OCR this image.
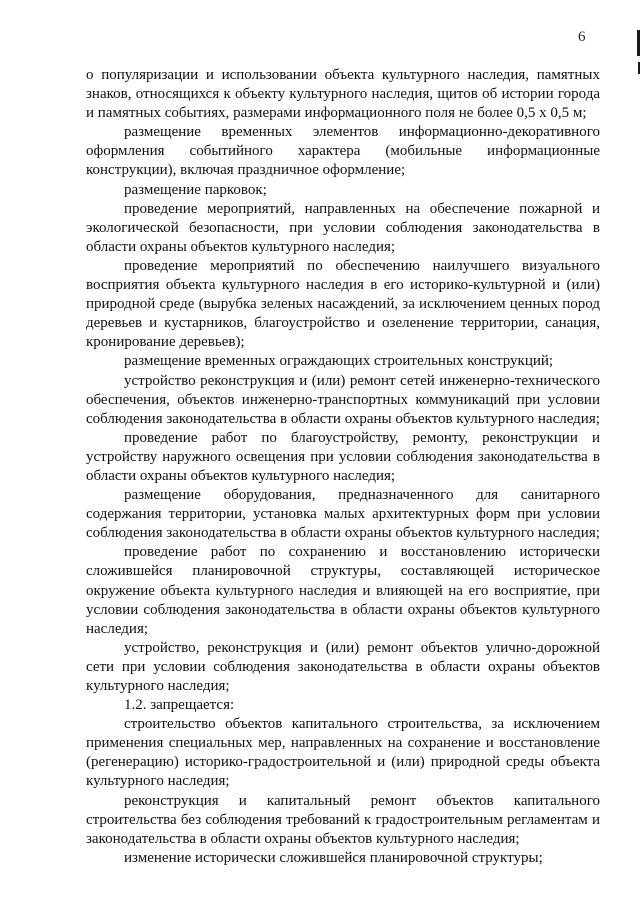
6

о популяризации и использовании объекта культурного наследия, памятных знаков, относящихся к объекту культурного наследия, щитов об истории города и памятных событиях, размерами информационного поля не более 0,5 х 0,5 м;

размещение временных элементов информационно-декоративного оформления событийного характера (мобильные информационные конструкции), включая праздничное оформление;

размещение парковок;

проведение мероприятий, направленных на обеспечение пожарной и экологической безопасности, при условии соблюдения законодательства в области охраны объектов культурного наследия;

проведение мероприятий по обеспечению наилучшего визуального восприятия объекта культурного наследия в его историко-культурной и (или) природной среде (вырубка зеленых насаждений, за исключением ценных пород деревьев и кустарников, благоустройство и озеленение территории, санация, кронирование деревьев);

размещение временных ограждающих строительных конструкций;

устройство реконструкция и (или) ремонт сетей инженерно-технического обеспечения, объектов инженерно-транспортных коммуникаций при условии соблюдения законодательства в области охраны объектов культурного наследия;

проведение работ по благоустройству, ремонту, реконструкции и устройству наружного освещения при условии соблюдения законодательства в области охраны объектов культурного наследия;

размещение оборудования, предназначенного для санитарного содержания территории, установка малых архитектурных форм при условии соблюдения законодательства в области охраны объектов культурного наследия;

проведение работ по сохранению и восстановлению исторически сложившейся планировочной структуры, составляющей историческое окружение объекта культурного наследия и влияющей на его восприятие, при условии соблюдения законодательства в области охраны объектов культурного наследия;

устройство, реконструкция и (или) ремонт объектов улично-дорожной сети при условии соблюдения законодательства в области охраны объектов культурного наследия;

1.2. запрещается:

строительство объектов капитального строительства, за исключением применения специальных мер, направленных на сохранение и восстановление (регенерацию) историко-градостроительной и (или) природной среды объекта культурного наследия;

реконструкция и капитальный ремонт объектов капитального строительства без соблюдения требований к градостроительным регламентам и законодательства в области охраны объектов культурного наследия;

изменение исторически сложившейся планировочной структуры;
